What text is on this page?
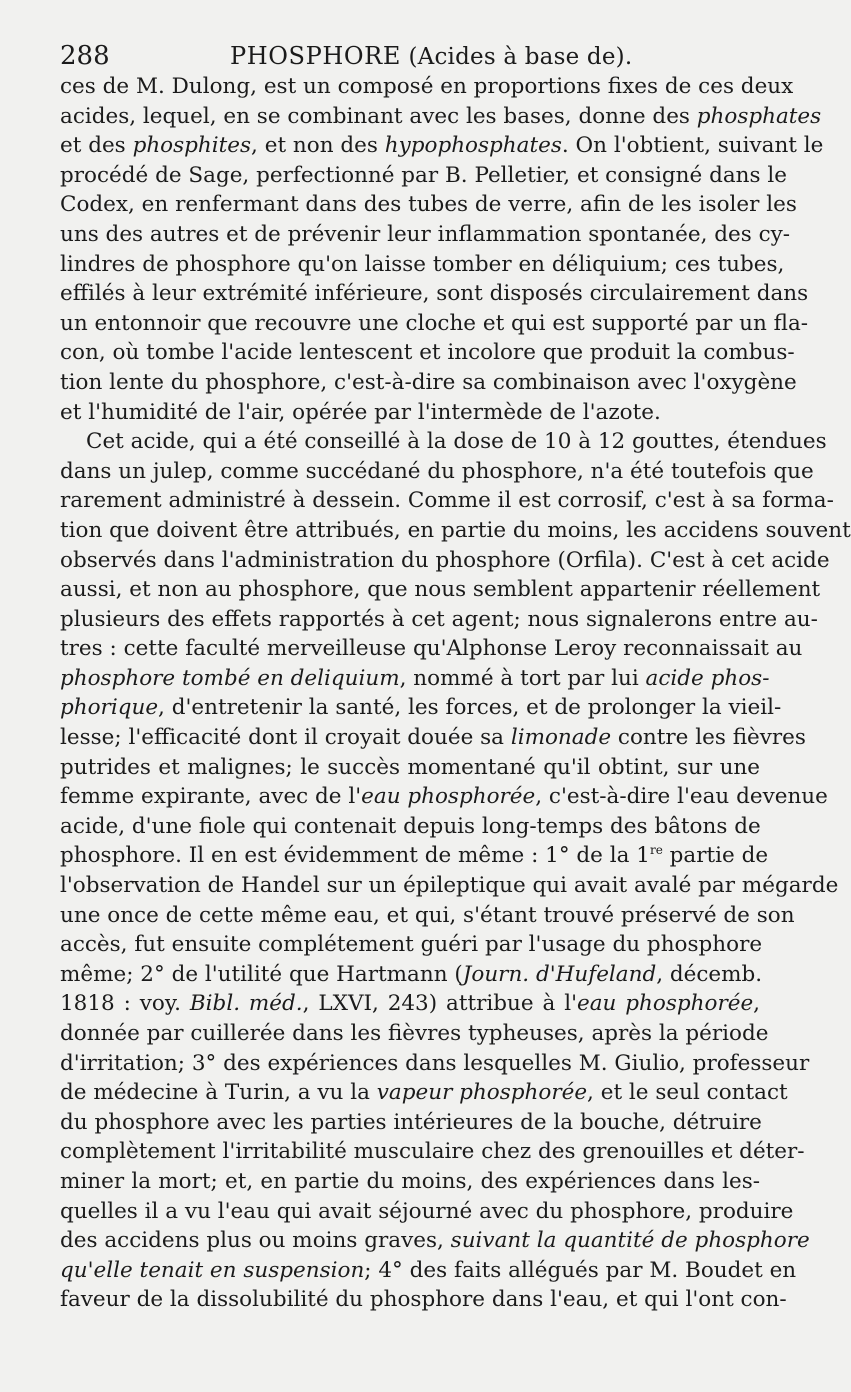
288	PHOSPHORE (Acides à base de).
ces de M. Dulong, est un composé en proportions fixes de ces deux
acides, lequel, en se combinant avec les bases, donne des phosphates
et des phosphites, et non des hypophosphates. On l'obtient, suivant le
procédé de Sage, perfectionné par B. Pelletier, et consigné dans le
Codex, en renfermant dans des tubes de verre, afin de les isoler les
uns des autres et de prévenir leur inflammation spontanée, des cy-
lindres de phosphore qu'on laisse tomber en déliquium; ces tubes,
effilés à leur extrémité inférieure, sont disposés circulairement dans
un entonnoir que recouvre une cloche et qui est supporté par un fla-
con, où tombe l'acide lentescent et incolore que produit la combus-
tion lente du phosphore, c'est-à-dire sa combinaison avec l'oxygène
et l'humidité de l'air, opérée par l'intermède de l'azote.
Cet acide, qui a été conseillé à la dose de 10 à 12 gouttes, étendues
dans un julep, comme succédané du phosphore, n'a été toutefois que
rarement administré à dessein. Comme il est corrosif, c'est à sa forma-
tion que doivent être attribués, en partie du moins, les accidens souvent
observés dans l'administration du phosphore (Orfila). C'est à cet acide
aussi, et non au phosphore, que nous semblent appartenir réellement
plusieurs des effets rapportés à cet agent; nous signalerons entre au-
tres : cette faculté merveilleuse qu'Alphonse Leroy reconnaissait au
phosphore tombé en deliquium, nommé à tort par lui acide phos-
phorique, d'entretenir la santé, les forces, et de prolonger la vieil-
lesse; l'efficacité dont il croyait douée sa limonade contre les fièvres
putrides et malignes; le succès momentané qu'il obtint, sur une
femme expirante, avec de l'eau phosphorée, c'est-à-dire l'eau devenue
acide, d'une fiole qui contenait depuis long-temps des bâtons de
phosphore. Il en est évidemment de même : 1° de la 1re partie de
l'observation de Handel sur un épileptique qui avait avalé par mégarde
une once de cette même eau, et qui, s'étant trouvé préservé de son
accès, fut ensuite complétement guéri par l'usage du phosphore
même; 2° de l'utilité que Hartmann (Journ. d'Hufeland, décemb.
1818 : voy. Bibl. méd., LXVI, 243) attribue à l'eau phosphorée,
donnée par cuillerée dans les fièvres typheuses, après la période
d'irritation; 3° des expériences dans lesquelles M. Giulio, professeur
de médecine à Turin, a vu la vapeur phosphorée, et le seul contact
du phosphore avec les parties intérieures de la bouche, détruire
complètement l'irritabilité musculaire chez des grenouilles et déter-
miner la mort; et, en partie du moins, des expériences dans les-
quelles il a vu l'eau qui avait séjourné avec du phosphore, produire
des accidens plus ou moins graves, suivant la quantité de phosphore
qu'elle tenait en suspension; 4° des faits allégués par M. Boudet en
faveur de la dissolubilité du phosphore dans l'eau, et qui l'ont con-
